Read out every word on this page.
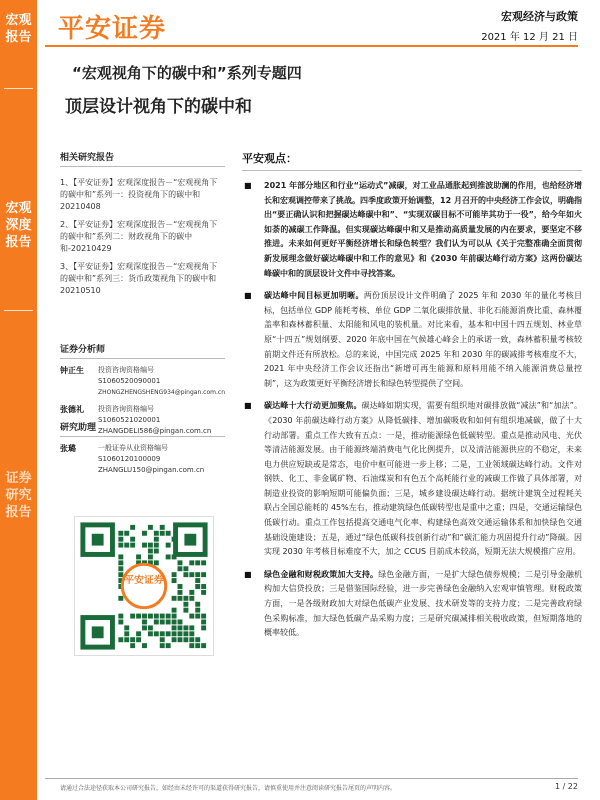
宏观报告
宏观深度报告
证券研究报告
平安证券	宏观经济与政策
2021 年 12 月 21 日
“宏观视角下的碳中和”系列专题四
顶层设计视角下的碳中和
相关研究报告
1、【平安证券】宏观深度报告－“宏观视角下的碳中和”系列一：投资视角下的碳中和20210408
2、【平安证券】宏观深度报告－“宏观视角下的碳中和”系列二：财政视角下的碳中和-20210429
3、【平安证券】宏观深度报告－“宏观视角下的碳中和”系列三：货币政策视角下的碳中和20210510
证券分析师
钟正生	投资咨询资格编号
S1060520090001
ZHONGZHENGSHENG934@pingan.com.cn
张德礼	投资咨询资格编号
S1060521020001
ZHANGDELI586@pingan.com.cn
研究助理
张璐	一般证券从业资格编号
S1060120100009
ZHANGLU150@pingan.com.cn
平安证券
平安观点：
■ 2021 年部分地区和行业“运动式”减碳，对工业品通胀起到推波助澜的作用，也给经济增长和宏观调控带来了挑战。四季度政策开始调整，12 月召开的中央经济工作会议，明确指出“要正确认识和把握碳达峰碳中和”、“实现双碳目标不可能毕其功于一役”，给今年如火如荼的减碳工作降温。但实现碳达峰碳中和又是推动高质量发展的内在要求，要坚定不移推进。未来如何更好平衡经济增长和绿色转型？我们认为可以从《关于完整准确全面贯彻新发展理念做好碳达峰碳中和工作的意见》和《2030 年前碳达峰行动方案》这两份碳达峰碳中和的顶层设计文件中寻找答案。
■ 碳达峰中间目标更加明晰。两份顶层设计文件明确了 2025 年和 2030 年的量化考核目标，包括单位 GDP 能耗考核、单位 GDP 二氧化碳排放量、非化石能源消费比重、森林覆盖率和森林蓄积量、太阳能和风电的装机量。对比来看，基本和中国十四五规划、林业草原“十四五”规划纲要、2020 年底中国在气候雄心峰会上的承诺一致，森林蓄积量考核较前期文件还有所放松。总的来说，中国完成 2025 年和 2030 年的碳减排考核难度不大，2021 年中央经济工作会议还指出“新增可再生能源和原料用能不纳入能源消费总量控制”，这为政策更好平衡经济增长和绿色转型提供了空间。
■ 碳达峰十大行动更加聚焦。碳达峰如期实现，需要有组织地对碳排放做“减法”和“加法”。《2030 年前碳达峰行动方案》从降低碳排、增加碳吸收和如何有组织地减碳，做了十大行动部署。重点工作大致有五点：一是，推动能源绿色低碳转型。重点是推动风电、光伏等清洁能源发展。由于能源终端消费电气化比例提升，以及清洁能源供应的不稳定，未来电力供应短缺或是常态，电价中枢可能进一步上移；二是，工业领域碳达峰行动。文件对钢铁、化工、非金属矿物、石油煤炭和有色五个高耗能行业的减碳工作做了具体部署，对制造业投资的影响短期可能偏负面；三是，城乡建设碳达峰行动。据统计建筑全过程耗关联占全国总能耗的 45%左右，推动建筑绿色低碳转型也是重中之重；四是，交通运输绿色低碳行动。重点工作包括提高交通电气化率、构建绿色高效交通运输体系和加快绿色交通基础设施建设；五是，通过“绿色低碳科技创新行动”和“碳汇能力巩固提升行动”降碳。因实现 2030 年考核目标难度不大，加之 CCUS 目前成本较高，短期无法大规模推广应用。
■ 绿色金融和财税政策加大支持。绿色金融方面，一是扩大绿色债券规模；二是引导金融机构加大信贷投放；三是借鉴国际经验，进一步完善绿色金融纳入宏观审慎管理。财税政策方面，一是各级财政加大对绿色低碳产业发展、技术研发等的支持力度；二是完善政府绿色采购标准，加大绿色低碳产品采购力度；三是研究碳减排相关税收政策，但短期落地的概率较低。
请通过合法途径获取本公司研究报告，如经由未经许可的渠道获得研究报告，请慎重使用并注意阅读研究报告尾页的声明内容。	1 / 22
